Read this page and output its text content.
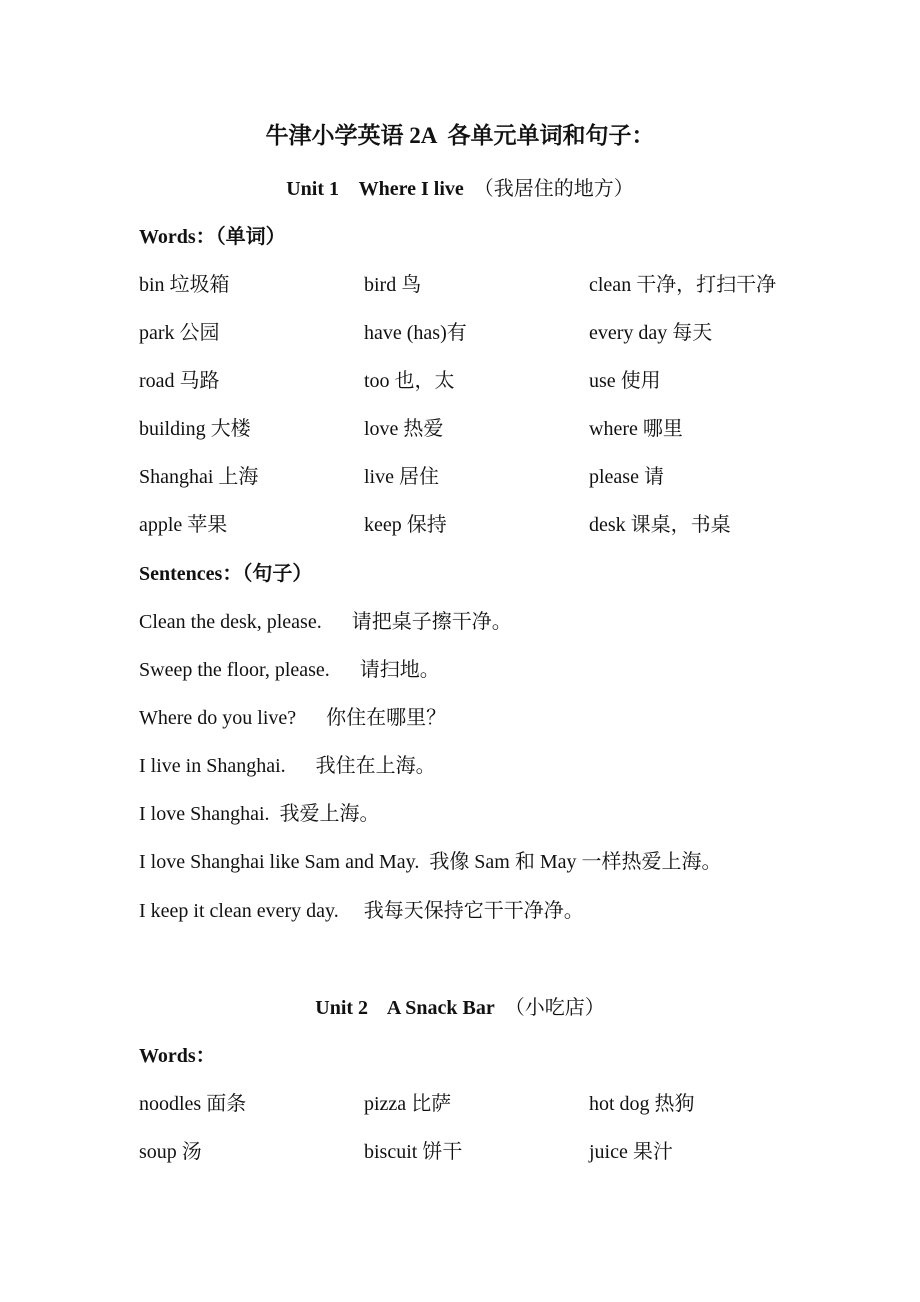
牛津小学英语 2A  各单元单词和句子：
Unit 1    Where I live （我居住的地方）
Words：（单词）
bin 垃圾箱	bird 鸟	clean 干净，打扫干净
park 公园	have (has)有	every day 每天
road 马路	too 也，太	use 使用
building 大楼	love 热爱	where 哪里
Shanghai 上海	live 居住	please 请
apple 苹果	keep 保持	desk 课桌，书桌
Sentences：（句子）
Clean the desk, please.      请把桌子擦干净。
Sweep the floor, please.      请扫地。
Where do you live?      你住在哪里？
I live in Shanghai.      我住在上海。
I love Shanghai.  我爱上海。
I love Shanghai like Sam and May.  我像 Sam 和 May 一样热爱上海。
I keep it clean every day.     我每天保持它干干净净。
Unit 2    A Snack Bar （小吃店）
Words：
noodles 面条	pizza 比萨	hot dog 热狗
soup 汤	biscuit 饼干	juice 果汁
